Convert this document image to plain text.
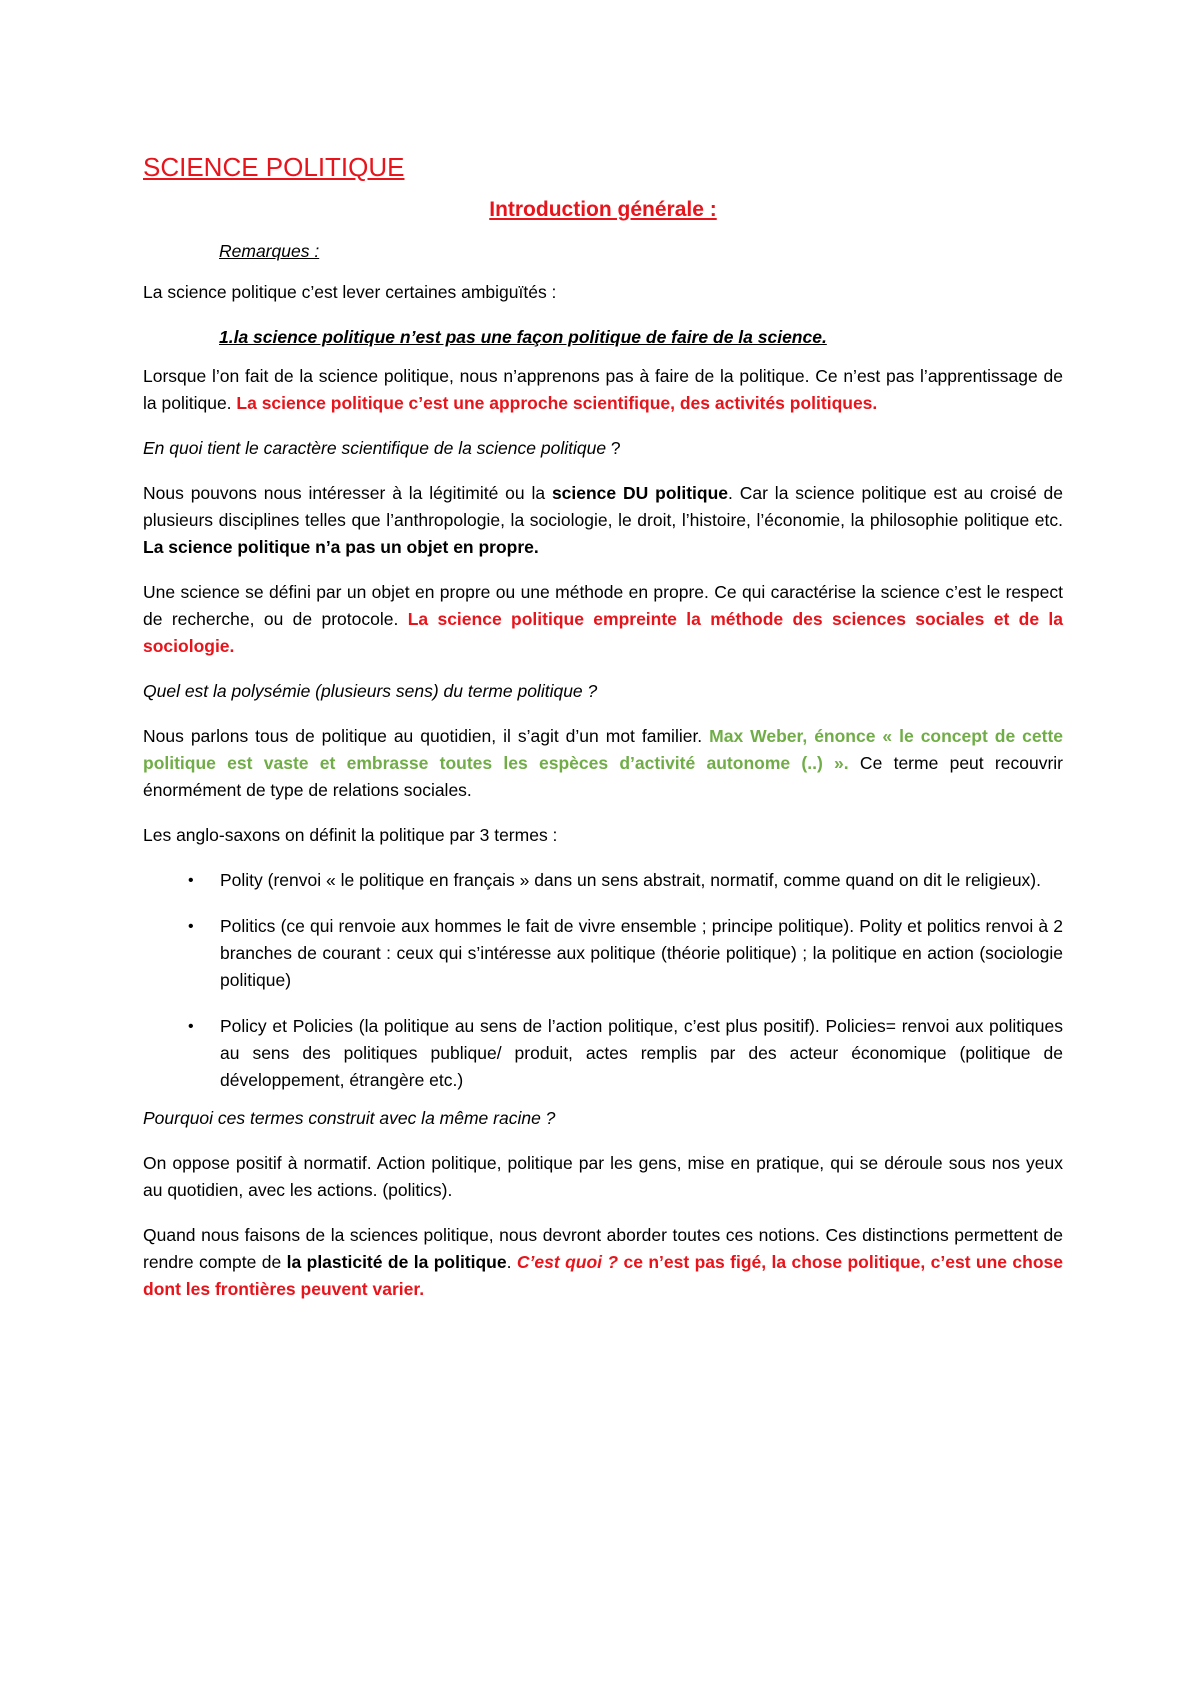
SCIENCE POLITIQUE
Introduction générale :
Remarques :

La science politique c’est lever certaines ambiguïtés :

1.la science politique n’est pas une façon politique de faire de la science.

Lorsque l’on fait de la science politique, nous n’apprenons pas à faire de la politique. Ce n’est pas l’apprentissage de la politique. La science politique c’est une approche scientifique, des activités politiques.

En quoi tient le caractère scientifique de la science politique ?

Nous pouvons nous intéresser à la légitimité ou la science DU politique. Car la science politique est au croisé de plusieurs disciplines telles que l’anthropologie, la sociologie, le droit, l’histoire, l’économie, la philosophie politique etc. La science politique n’a pas un objet en propre.

Une science se défini par un objet en propre ou une méthode en propre. Ce qui caractérise la science c’est le respect de recherche, ou de protocole. La science politique empreinte la méthode des sciences sociales et de la sociologie.

Quel est la polysémie (plusieurs sens) du terme politique ?

Nous parlons tous de politique au quotidien, il s’agit d’un mot familier. Max Weber, énonce « le concept de cette politique est vaste et embrasse toutes les espèces d’activité autonome (..) ». Ce terme peut recouvrir énormément de type de relations sociales.

Les anglo-saxons on définit la politique par 3 termes :

• Polity (renvoi « le politique en français » dans un sens abstrait, normatif, comme quand on dit le religieux).
• Politics (ce qui renvoie aux hommes le fait de vivre ensemble ; principe politique). Polity et politics renvoi à 2 branches de courant : ceux qui s’intéresse aux politique (théorie politique) ; la politique en action (sociologie politique)
• Policy et Policies (la politique au sens de l’action politique, c’est plus positif). Policies= renvoi aux politiques au sens des politiques publique/ produit, actes remplis par des acteur économique (politique de développement, étrangère etc.)

Pourquoi ces termes construit avec la même racine ?

On oppose positif à normatif. Action politique, politique par les gens, mise en pratique, qui se déroule sous nos yeux au quotidien, avec les actions. (politics).

Quand nous faisons de la sciences politique, nous devront aborder toutes ces notions. Ces distinctions permettent de rendre compte de la plasticité de la politique. C’est quoi ? ce n’est pas figé, la chose politique, c’est une chose dont les frontières peuvent varier.
